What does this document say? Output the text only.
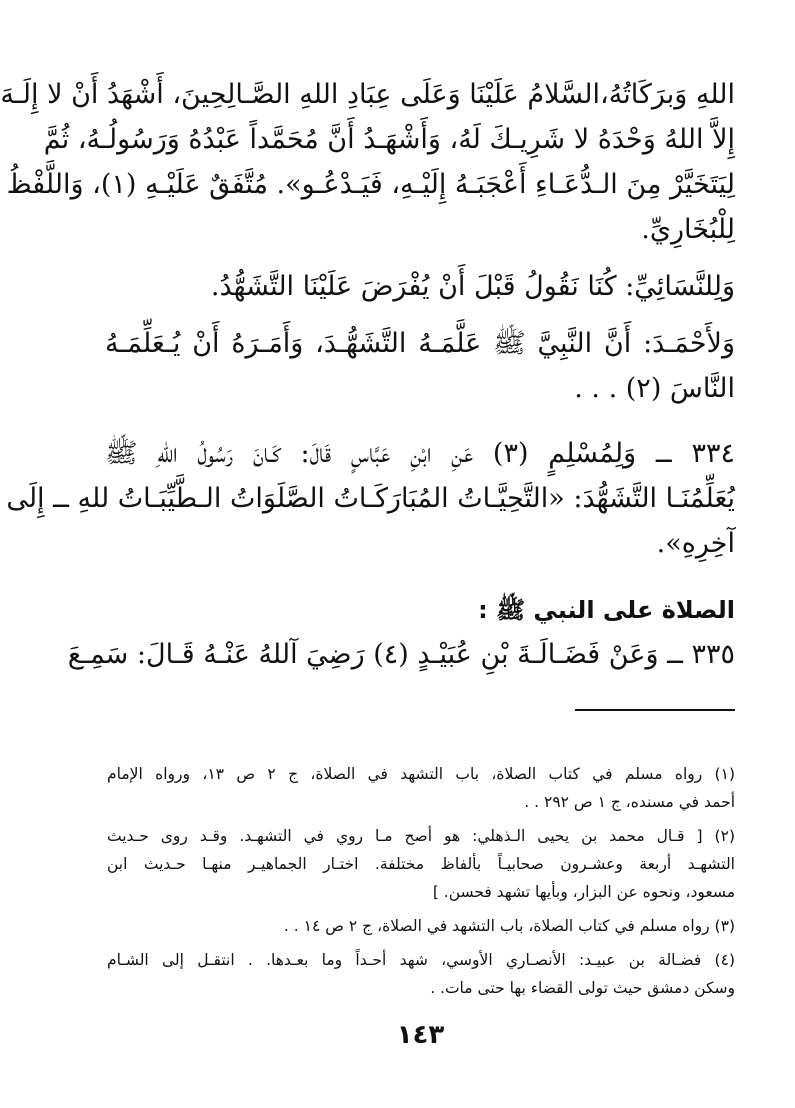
اللهِ وَبرَكَاتُهُ،السَّلامُ عَلَيْنَا وَعَلَى عِبَادِ اللهِ الصَّـالِحِينَ، أَشْهَدُ أَنْ لا إِلَـهَ
إِلاَّ اللهُ وَحْدَهُ لا شَرِيـكَ لَهُ، وَأَشْهَـدُ أَنَّ مُحَمَّداً عَبْدُهُ وَرَسُولُـهُ، ثُمَّ
لِيَتَخَيَّرْ مِنَ الـدُّعَـاءِ أَعْجَبَـهُ إِلَيْـهِ، فَيَـدْعُـو». مُتَّفَقٌ عَلَيْـهِ (١)، وَاللَّفْظُ
لِلْبُخَارِيِّ.
وَلِلنَّسَائِيِّ: كُنَا نَقُولُ قَبْلَ أَنْ يُفْرَضَ عَلَيْنَا التَّشَهُّدُ.
وَلأَحْمَـدَ: أَنَّ النَّبِيَّ ﷺ عَلَّمَـهُ التَّشَهُّـدَ، وَأَمَـرَهُ أَنْ يُـعَلِّمَـهُ
النَّاسَ (٢) . . .
٣٣٤ ــ وَلِمُسْلِمٍ (٣) عَنِ ابْنِ عَبَّاسٍ قَالَ: كَـانَ رَسُولُ اللهِ ﷺ
يُعَلِّمُنَـا التَّشَهُّدَ: «التَّحِيَّـاتُ المُبَارَكَـاتُ الصَّلَوَاتُ الـطَّيِّبَـاتُ للهِ ــ إِلَى
آخِرِهِ».
الصلاة على النبي ﷺ :
٣٣٥ ــ وَعَنْ فَضَـالَـةَ بْنِ عُبَيْـدٍ (٤) رَضِيَ آللهُ عَنْـهُ قَـالَ: سَمِـعَ
(١) رواه مسلم في كتاب الصلاة، باب التشهد في الصلاة، ج ٢ ص ١٣، ورواه الإمام
أحمد في مسنده، ج ١ ص ٢٩٢ . .
(٢) [ قـال محمد بن يحيى الـذهلي: هو أصح مـا روي في التشهـد. وقـد روى حـديث
التشهـد أربعة وعشـرون صحابيـاً بألفاظ مختلفة. اختـار الجماهيـر منهـا حـديث ابن
مسعود، ونحوه عن البزار، وبأيها تشهد فحسن. ]
(٣) رواه مسلم في كتاب الصلاة، باب التشهد في الصلاة، ج ٢ ص ١٤ . .
(٤) فضـالة بن عبيـد: الأنصـاري الأوسي، شهد أحـداً وما بعـدها. . انتقـل إلى الشـام
وسكن دمشق حيث تولى القضاء بها حتى مات. .
١٤٣
